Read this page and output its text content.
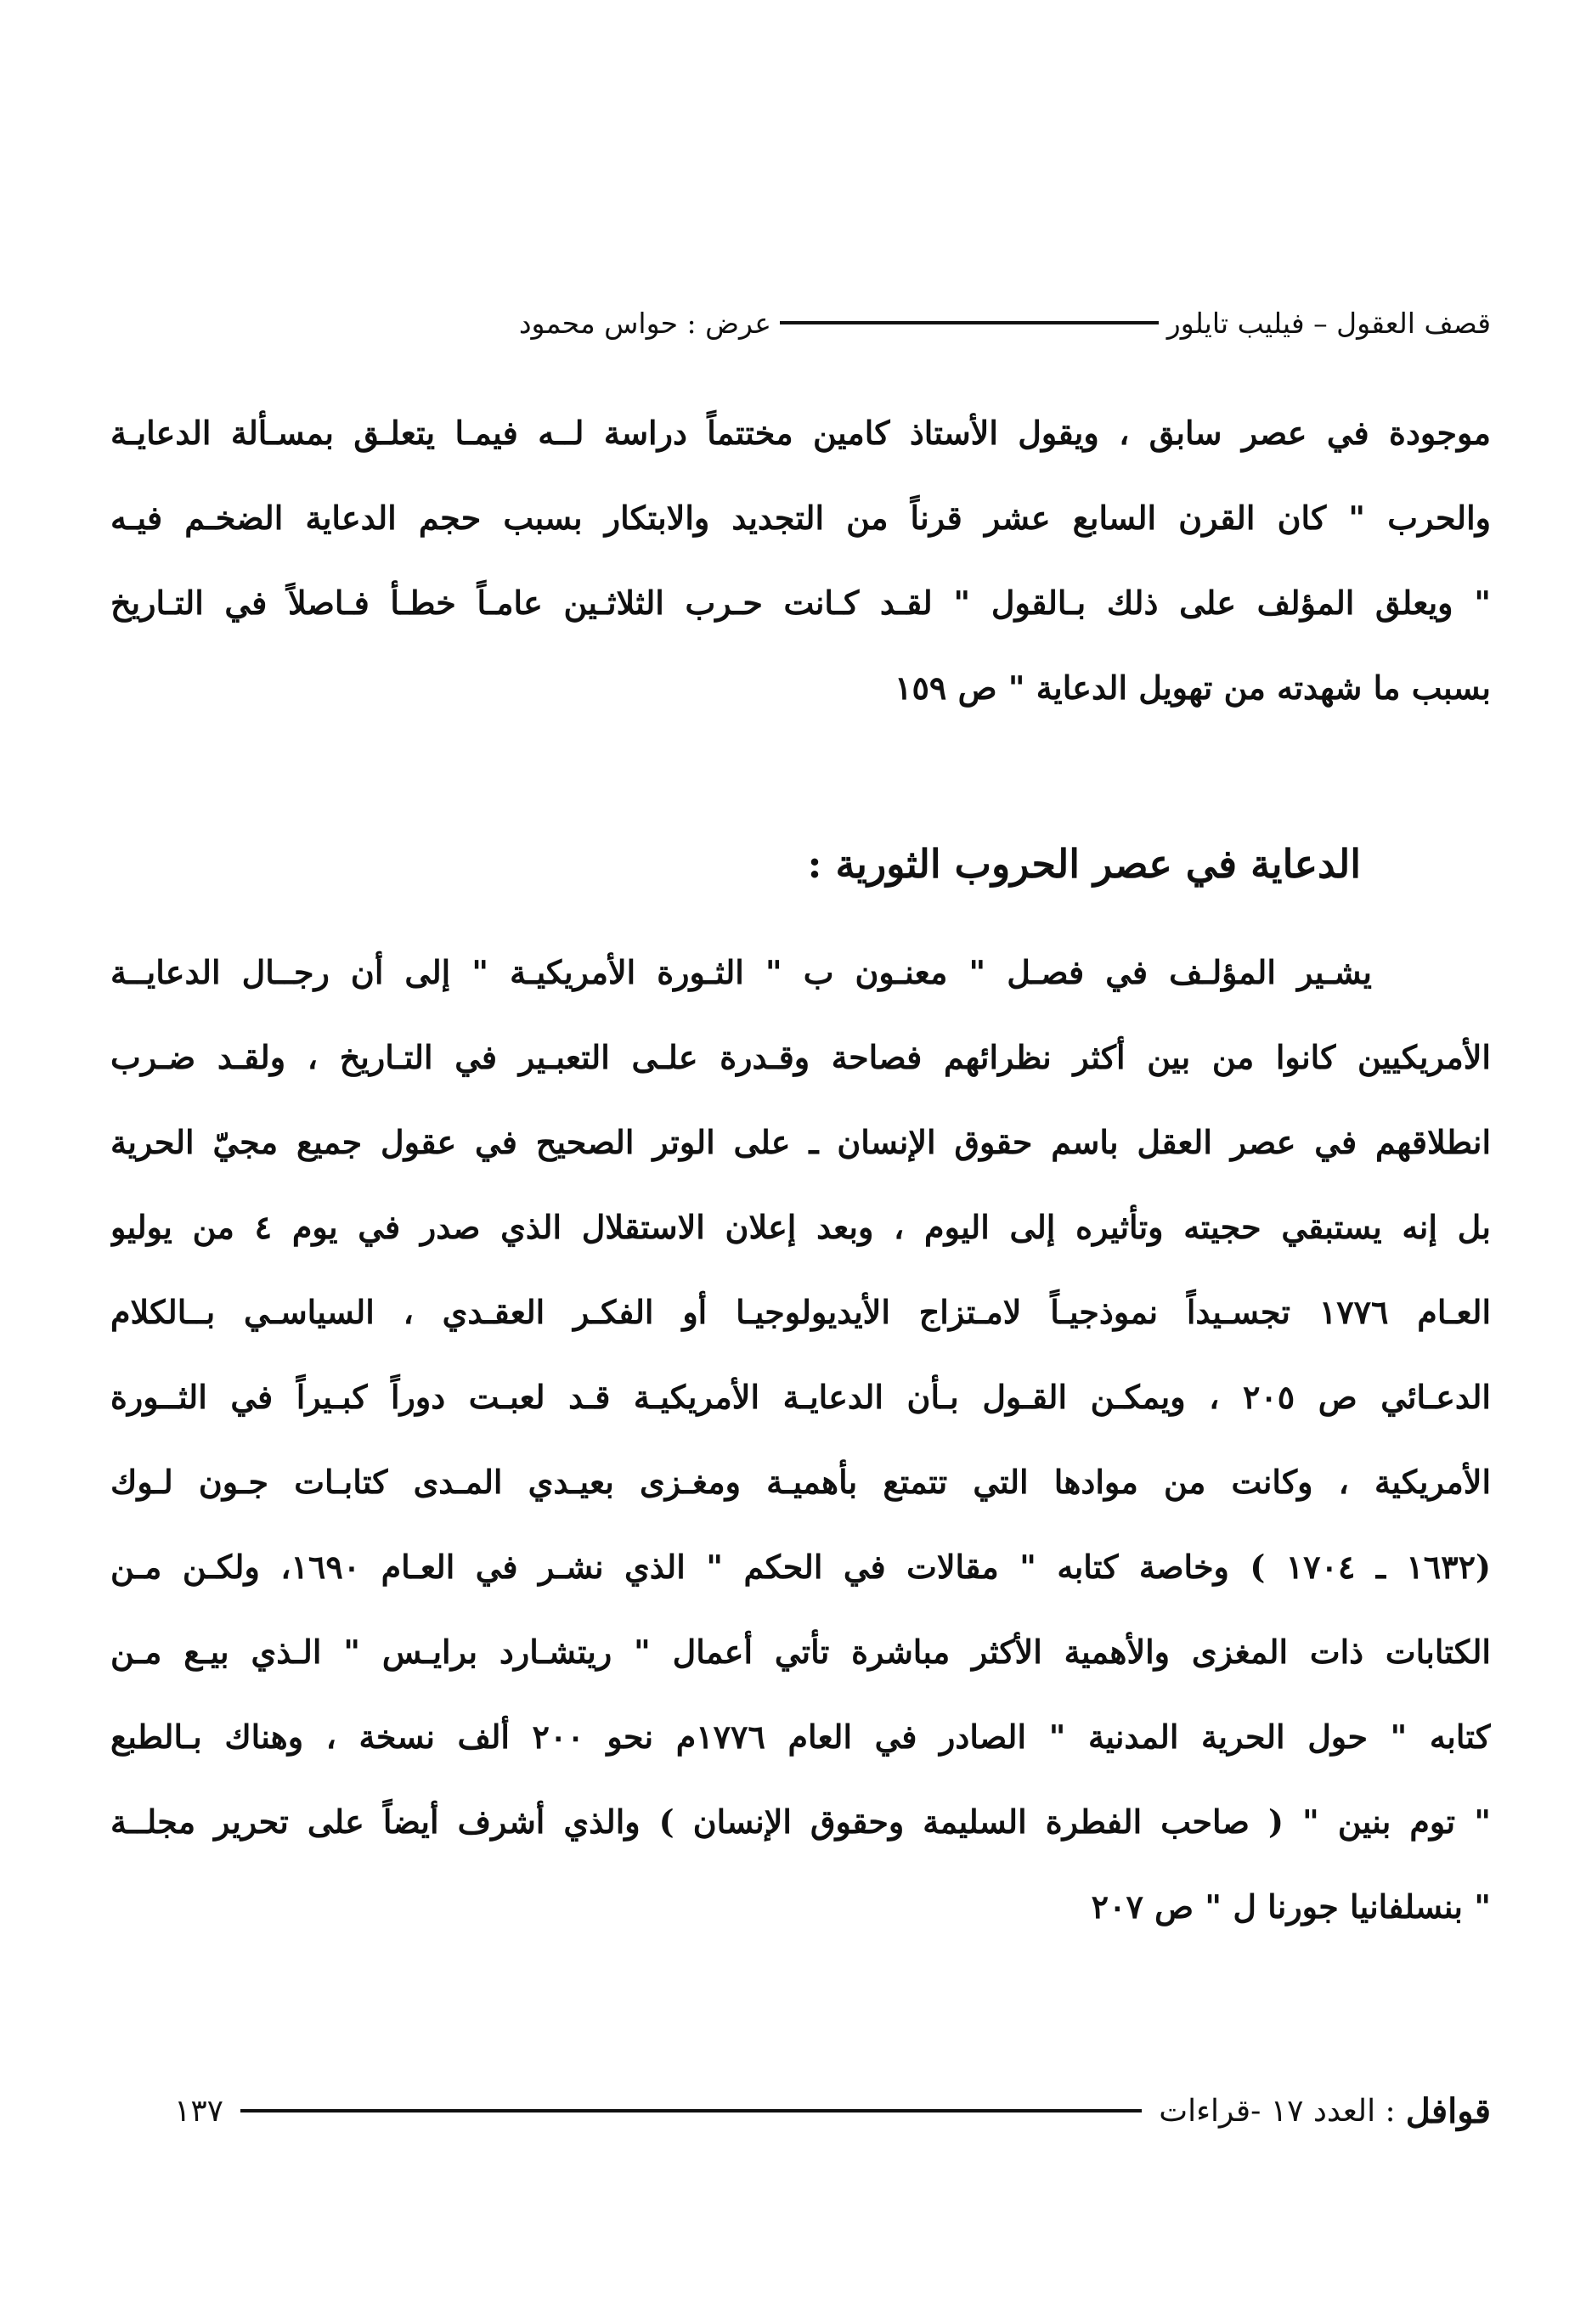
قصف العقول – فيليب تايلور
عرض : حواس محمود
موجودة في عصر سابق ، ويقول الأستاذ كامين مختتماً دراسة لــه فيمـا يتعلـق بمسـألة الدعايـة
والحرب " كان القرن السابع عشر قرناً من التجديد والابتكار بسبب حجم الدعاية الضخـم فيـه
" ويعلق المؤلف على ذلك بـالقول " لقـد كـانت حـرب الثلاثـين عامـاً خطـأ فـاصلاً في التـاريخ
بسبب ما شهدته من تهويل الدعاية " ص ١٥٩
الدعاية في عصر الحروب الثورية :
يشـير المؤلـف في فصـل " معنـون ب " الثـورة الأمريكيـة " إلى أن رجــال الدعايــة
الأمريكيين كانوا من بين أكثر نظرائهم فصاحة وقـدرة علـى التعبـير في التـاريخ ، ولقـد ضـرب
انطلاقهم في عصر العقل باسم حقوق الإنسان ـ على الوتر الصحيح في عقول جميع مجيّ الحرية
بل إنه يستبقي حجيته وتأثيره إلى اليوم ، وبعد إعلان الاستقلال الذي صدر في يوم ٤ من يوليو
العـام ١٧٧٦ تجسـيداً نموذجيـاً لامـتزاج الأيديولوجيـا أو الفكـر العقـدي ، السياسـي بــالكلام
الدعـائي ص ٢٠٥ ، ويمكـن القـول بـأن الدعايـة الأمريكيـة قـد لعبـت دوراً كبـيراً في الثــورة
الأمريكية ، وكانت من موادها التي تتمتع بأهميـة ومغـزى بعيـدي المـدى كتابـات جـون لـوك
(١٦٣٢ ـ ١٧٠٤ ) وخاصة كتابه " مقالات في الحكم " الذي نشـر في العـام ١٦٩٠، ولكـن مـن
الكتابات ذات المغزى والأهمية الأكثر مباشرة تأتي أعمال " ريتشـارد برايـس " الـذي بيـع مـن
كتابه " حول الحرية المدنية " الصادر في العام ١٧٧٦م نحو ٢٠٠ ألف نسخة ، وهناك بـالطبع
" توم بنين " ( صاحب الفطرة السليمة وحقوق الإنسان ) والذي أشرف أيضاً على تحرير مجلــة
" بنسلفانيا جورنا ل " ص ٢٠٧
قوافل
: العدد ١٧ -قراءات
١٣٧
